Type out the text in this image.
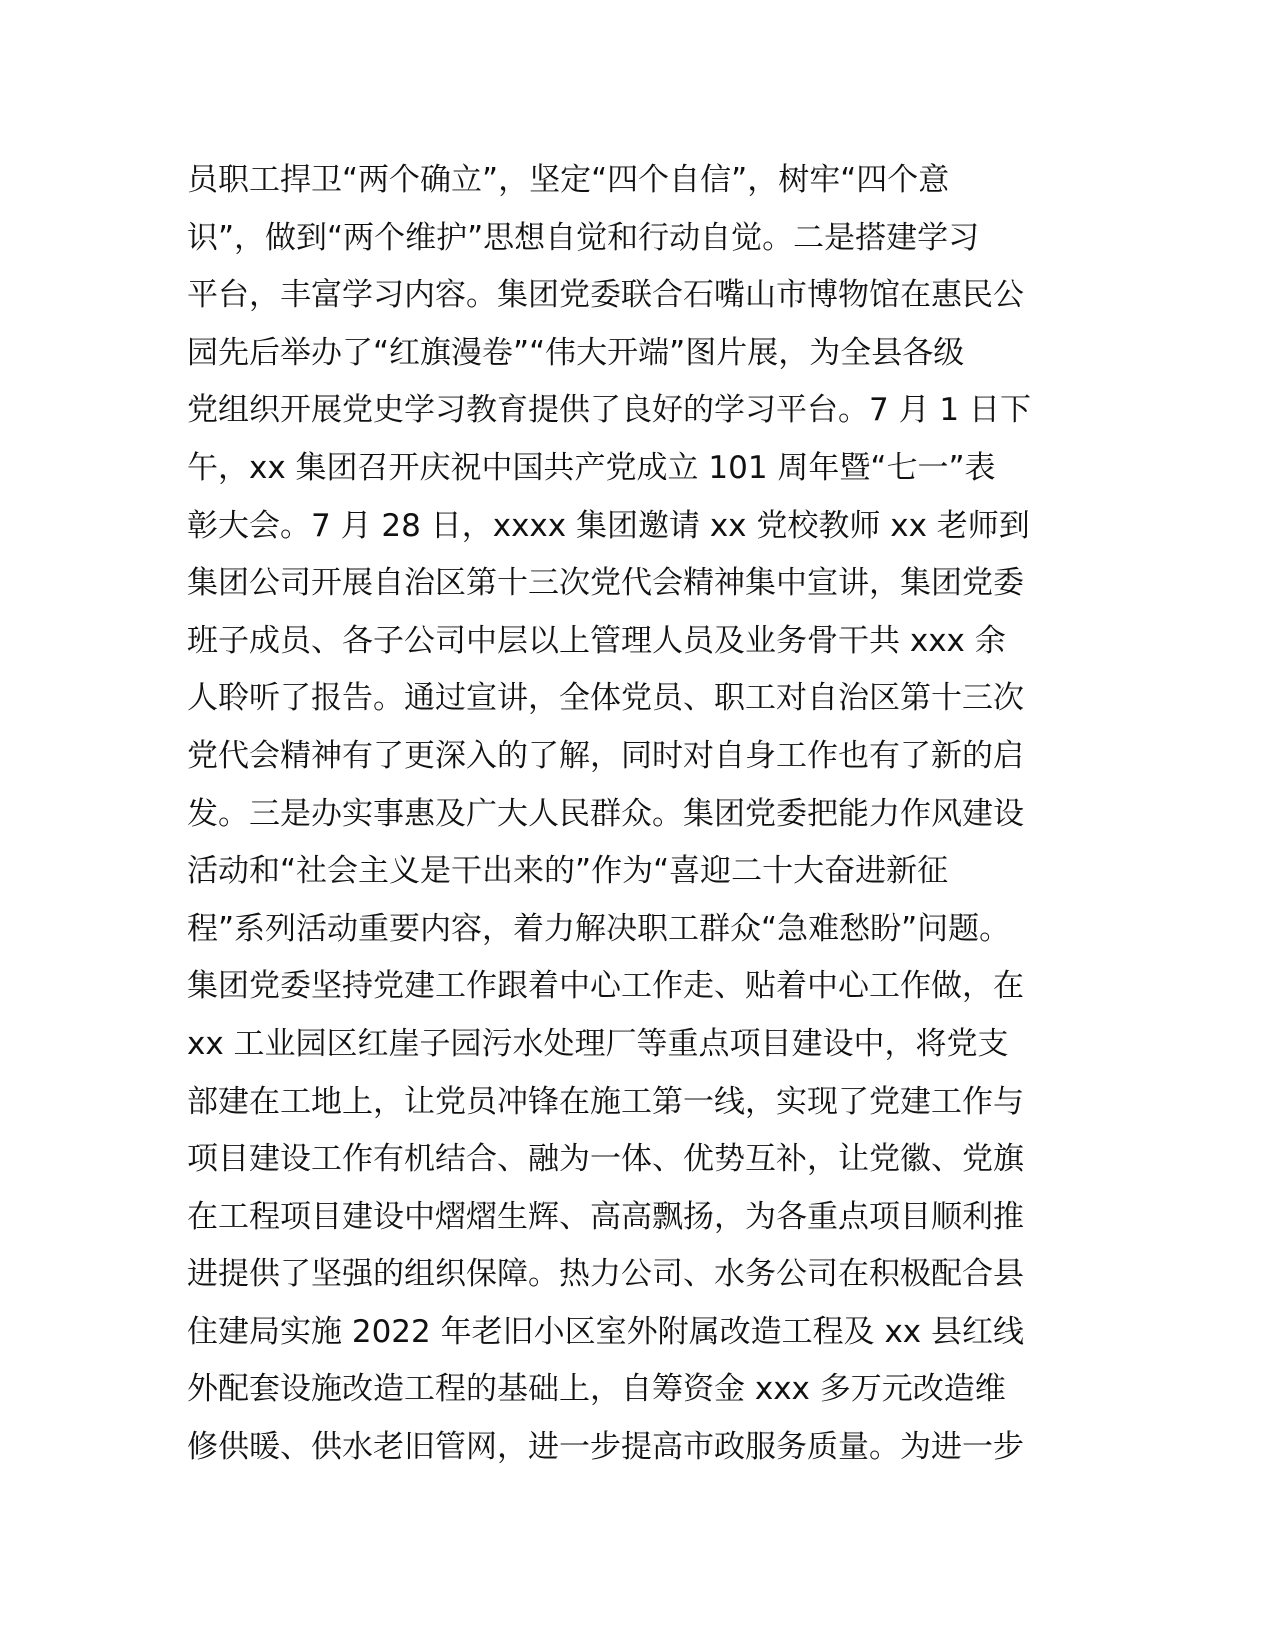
员职工捍卫“两个确立”，坚定“四个自信”，树牢“四个意
识”，做到“两个维护”思想自觉和行动自觉。二是搭建学习
平台，丰富学习内容。集团党委联合石嘴山市博物馆在惠民公
园先后举办了“红旗漫卷”“伟大开端”图片展，为全县各级
党组织开展党史学习教育提供了良好的学习平台。7 月 1 日下
午，xx 集团召开庆祝中国共产党成立 101 周年暨“七一”表
彰大会。7 月 28 日，xxxx 集团邀请 xx 党校教师 xx 老师到
集团公司开展自治区第十三次党代会精神集中宣讲，集团党委
班子成员、各子公司中层以上管理人员及业务骨干共 xxx 余
人聆听了报告。通过宣讲，全体党员、职工对自治区第十三次
党代会精神有了更深入的了解，同时对自身工作也有了新的启
发。三是办实事惠及广大人民群众。集团党委把能力作风建设
活动和“社会主义是干出来的”作为“喜迎二十大奋进新征
程”系列活动重要内容，着力解决职工群众“急难愁盼”问题。
集团党委坚持党建工作跟着中心工作走、贴着中心工作做，在
xx 工业园区红崖子园污水处理厂等重点项目建设中，将党支
部建在工地上，让党员冲锋在施工第一线，实现了党建工作与
项目建设工作有机结合、融为一体、优势互补，让党徽、党旗
在工程项目建设中熠熠生辉、高高飘扬，为各重点项目顺利推
进提供了坚强的组织保障。热力公司、水务公司在积极配合县
住建局实施 2022 年老旧小区室外附属改造工程及 xx 县红线
外配套设施改造工程的基础上，自筹资金 xxx 多万元改造维
修供暖、供水老旧管网，进一步提高市政服务质量。为进一步
